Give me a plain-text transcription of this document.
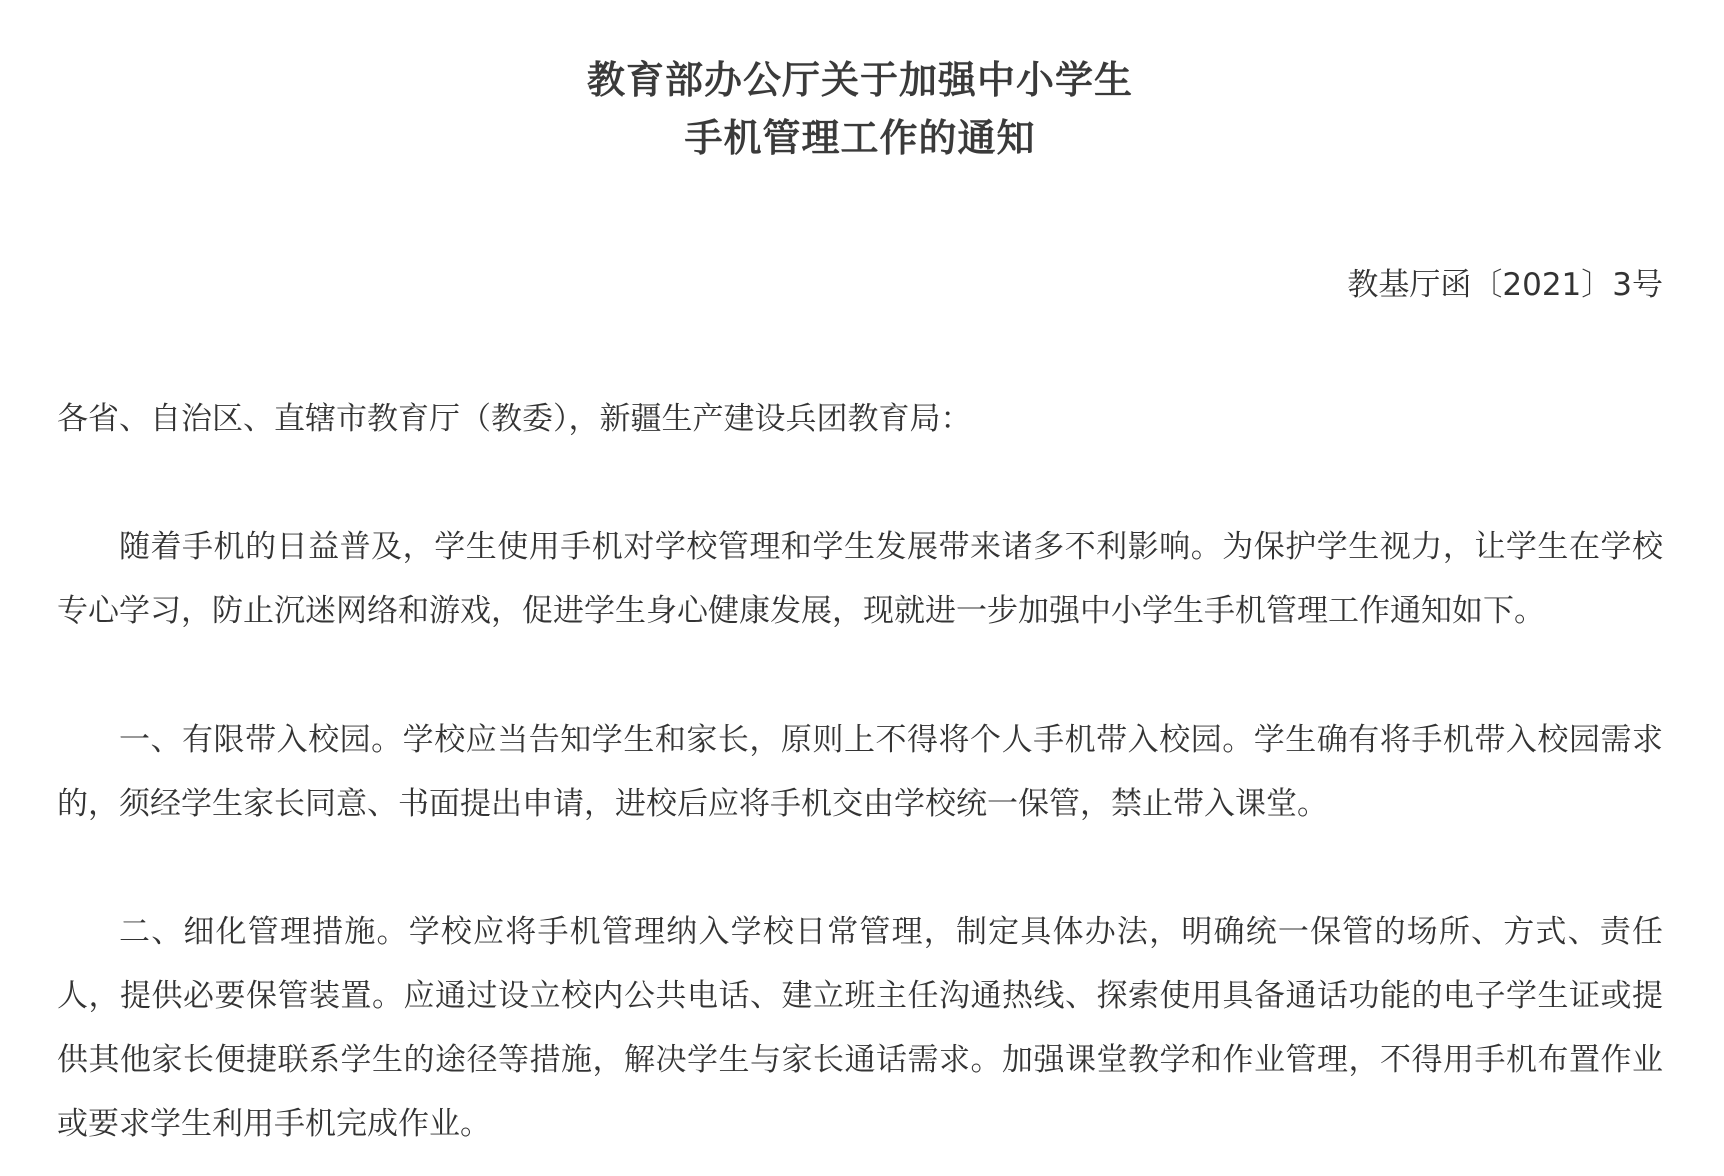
教育部办公厅关于加强中小学生
手机管理工作的通知
教基厅函〔2021〕3号
各省、自治区、直辖市教育厅（教委），新疆生产建设兵团教育局：

随着手机的日益普及，学生使用手机对学校管理和学生发展带来诸多不利影响。为保护学生视力，让学生在学校专心学习，防止沉迷网络和游戏，促进学生身心健康发展，现就进一步加强中小学生手机管理工作通知如下。

一、有限带入校园。学校应当告知学生和家长，原则上不得将个人手机带入校园。学生确有将手机带入校园需求的，须经学生家长同意、书面提出申请，进校后应将手机交由学校统一保管，禁止带入课堂。

二、细化管理措施。学校应将手机管理纳入学校日常管理，制定具体办法，明确统一保管的场所、方式、责任人，提供必要保管装置。应通过设立校内公共电话、建立班主任沟通热线、探索使用具备通话功能的电子学生证或提供其他家长便捷联系学生的途径等措施，解决学生与家长通话需求。加强课堂教学和作业管理，不得用手机布置作业或要求学生利用手机完成作业。
